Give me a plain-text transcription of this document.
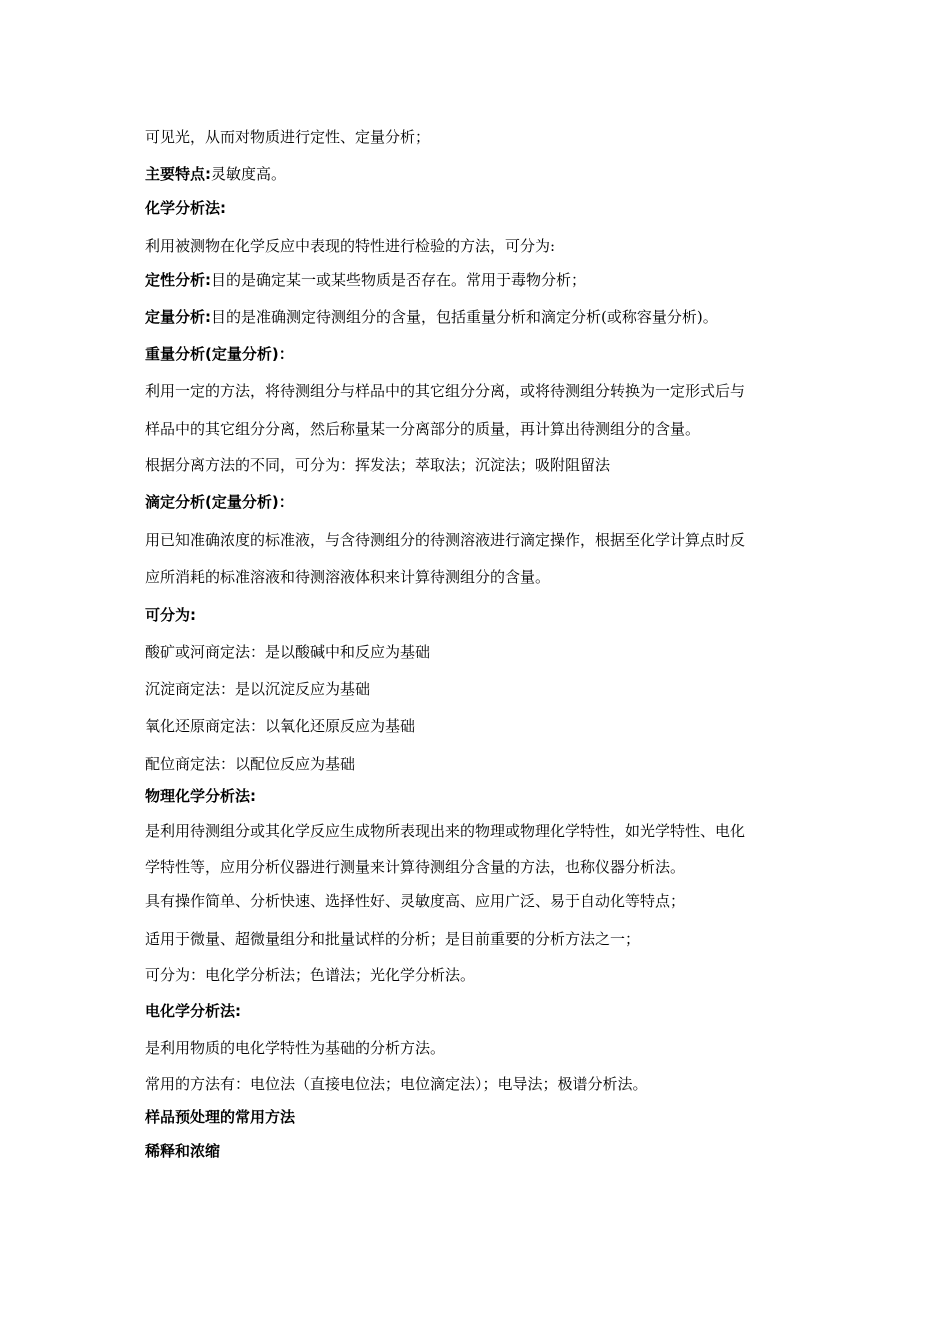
可见光，从而对物质进行定性、定量分析；
主要特点:灵敏度高。
化学分析法:
利用被测物在化学反应中表现的特性进行检验的方法，可分为:
定性分析:目的是确定某一或某些物质是否存在。常用于毒物分析；
定量分析:目的是准确测定待测组分的含量，包括重量分析和滴定分析(或称容量分析)。
重量分析(定量分析)：
利用一定的方法，将待测组分与样品中的其它组分分离，或将待测组分转换为一定形式后与
样品中的其它组分分离，然后称量某一分离部分的质量，再计算出待测组分的含量。
根据分离方法的不同，可分为：挥发法；萃取法；沉淀法；吸附阻留法
滴定分析(定量分析)：
用已知准确浓度的标准液，与含待测组分的待测溶液进行滴定操作，根据至化学计算点时反
应所消耗的标准溶液和待测溶液体积来计算待测组分的含量。
可分为:
酸矿或河商定法：是以酸碱中和反应为基础
沉淀商定法：是以沉淀反应为基础
氧化还原商定法：以氧化还原反应为基础
配位商定法：以配位反应为基础
物理化学分析法:
是利用待测组分或其化学反应生成物所表现出来的物理或物理化学特性，如光学特性、电化
学特性等，应用分析仪器进行测量来计算待测组分含量的方法，也称仪器分析法。
具有操作简单、分析快速、选择性好、灵敏度高、应用广泛、易于自动化等特点；
适用于微量、超微量组分和批量试样的分析；是目前重要的分析方法之一；
可分为：电化学分析法；色谱法；光化学分析法。
电化学分析法:
是利用物质的电化学特性为基础的分析方法。
常用的方法有：电位法（直接电位法；电位滴定法）；电导法；极谱分析法。
样品预处理的常用方法
稀释和浓缩
